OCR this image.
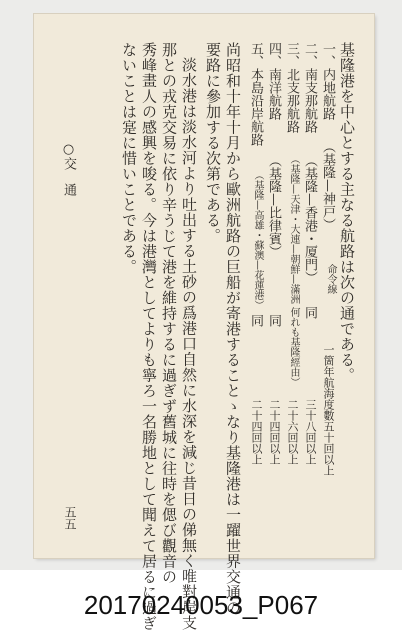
基隆港を中心とする主なる航路は次の通である。
一、内地航路
（基隆—神戸）
命令線
一箇年航海度數五十回以上
二、南支那航路
（基隆—香港・厦門）
同
三十八回以上
三、北支那航路
（基隆—天津・大連—朝鮮—滿洲 何れも基隆經由）
二十六回以上
四、南洋航路
（基隆—比律賓）
同
二十四回以上
五、本島沿岸航路
（基隆—高雄・蘇澳—花蓮港）
同
二十四回以上
尚昭和十年十月から歐洲航路の巨船が寄港することゝなり基隆港は一躍世界交通の
要路に參加する次第である。
淡水港は淡水河より吐出する土砂の爲港口自然に水深を減じ昔日の俤無く唯對岸支
那との戎克交易に依り辛うじて港を維持するに過ぎず舊城に往時を偲び觀音の
秀峰畫人の感興を唆る。今は港灣としてよりも寧ろ一名勝地として聞えて居るに過ぎ
ないことは寔に惜いことである。
○交　通
五五
20170240053_P067
